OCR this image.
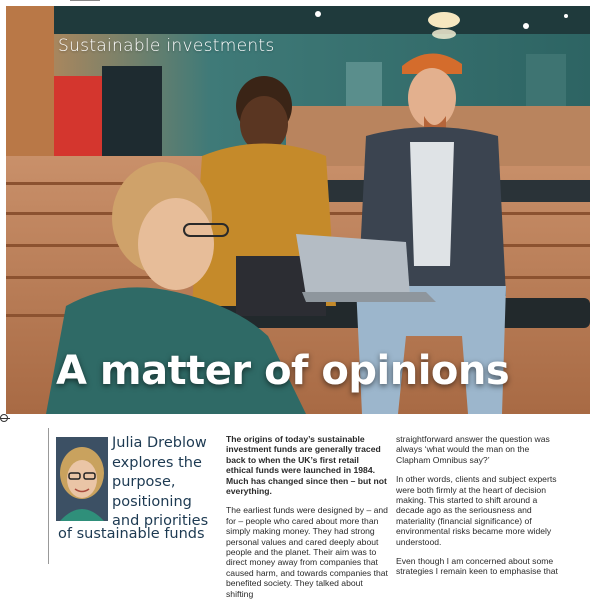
Sustainable investments
A matter of opinions
Julia Dreblow
explores the
purpose,
positioning
and priorities
of sustainable funds

The origins of today’s sustainable investment funds are generally traced back to when the UK’s first retail ethical funds were launched in 1984. Much has changed since then – but not everything.

The earliest funds were designed by – and for – people who cared about more than simply making money. They had strong personal values and cared deeply about people and the planet. Their aim was to direct money away from companies that caused harm, and towards companies that benefited society. They talked about shifting

straightforward answer the question was always ‘what would the man on the Clapham Omnibus say?’

In other words, clients and subject experts were both firmly at the heart of decision making. This started to shift around a decade ago as the seriousness and materiality (financial significance) of environmental risks became more widely understood.

Even though I am concerned about some strategies I remain keen to emphasise that
